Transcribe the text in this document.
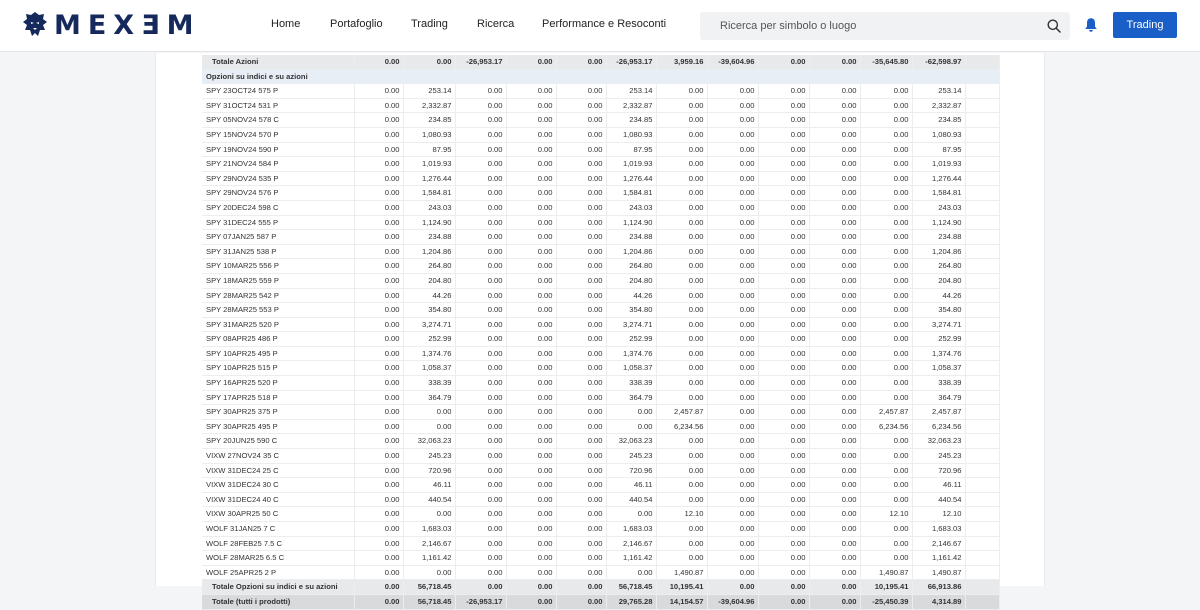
MEXƎM	Home	Portafoglio	Trading	Ricerca	Performance e Resoconti
Ricerca per simbolo o luogo	Trading
Totale Azioni	0.00	0.00	-26,953.17	0.00	0.00	-26,953.17	3,959.16	-39,604.96	0.00	0.00	-35,645.80	-62,598.97	
Opzioni su indici e su azioni													
SPY 23OCT24 575 P	0.00	253.14	0.00	0.00	0.00	253.14	0.00	0.00	0.00	0.00	0.00	253.14	
SPY 31OCT24 531 P	0.00	2,332.87	0.00	0.00	0.00	2,332.87	0.00	0.00	0.00	0.00	0.00	2,332.87	
SPY 05NOV24 578 C	0.00	234.85	0.00	0.00	0.00	234.85	0.00	0.00	0.00	0.00	0.00	234.85	
SPY 15NOV24 570 P	0.00	1,080.93	0.00	0.00	0.00	1,080.93	0.00	0.00	0.00	0.00	0.00	1,080.93	
SPY 19NOV24 590 P	0.00	87.95	0.00	0.00	0.00	87.95	0.00	0.00	0.00	0.00	0.00	87.95	
SPY 21NOV24 584 P	0.00	1,019.93	0.00	0.00	0.00	1,019.93	0.00	0.00	0.00	0.00	0.00	1,019.93	
SPY 29NOV24 535 P	0.00	1,276.44	0.00	0.00	0.00	1,276.44	0.00	0.00	0.00	0.00	0.00	1,276.44	
SPY 29NOV24 576 P	0.00	1,584.81	0.00	0.00	0.00	1,584.81	0.00	0.00	0.00	0.00	0.00	1,584.81	
SPY 20DEC24 598 C	0.00	243.03	0.00	0.00	0.00	243.03	0.00	0.00	0.00	0.00	0.00	243.03	
SPY 31DEC24 555 P	0.00	1,124.90	0.00	0.00	0.00	1,124.90	0.00	0.00	0.00	0.00	0.00	1,124.90	
SPY 07JAN25 587 P	0.00	234.88	0.00	0.00	0.00	234.88	0.00	0.00	0.00	0.00	0.00	234.88	
SPY 31JAN25 538 P	0.00	1,204.86	0.00	0.00	0.00	1,204.86	0.00	0.00	0.00	0.00	0.00	1,204.86	
SPY 10MAR25 556 P	0.00	264.80	0.00	0.00	0.00	264.80	0.00	0.00	0.00	0.00	0.00	264.80	
SPY 18MAR25 559 P	0.00	204.80	0.00	0.00	0.00	204.80	0.00	0.00	0.00	0.00	0.00	204.80	
SPY 28MAR25 542 P	0.00	44.26	0.00	0.00	0.00	44.26	0.00	0.00	0.00	0.00	0.00	44.26	
SPY 28MAR25 553 P	0.00	354.80	0.00	0.00	0.00	354.80	0.00	0.00	0.00	0.00	0.00	354.80	
SPY 31MAR25 520 P	0.00	3,274.71	0.00	0.00	0.00	3,274.71	0.00	0.00	0.00	0.00	0.00	3,274.71	
SPY 08APR25 486 P	0.00	252.99	0.00	0.00	0.00	252.99	0.00	0.00	0.00	0.00	0.00	252.99	
SPY 10APR25 495 P	0.00	1,374.76	0.00	0.00	0.00	1,374.76	0.00	0.00	0.00	0.00	0.00	1,374.76	
SPY 10APR25 515 P	0.00	1,058.37	0.00	0.00	0.00	1,058.37	0.00	0.00	0.00	0.00	0.00	1,058.37	
SPY 16APR25 520 P	0.00	338.39	0.00	0.00	0.00	338.39	0.00	0.00	0.00	0.00	0.00	338.39	
SPY 17APR25 518 P	0.00	364.79	0.00	0.00	0.00	364.79	0.00	0.00	0.00	0.00	0.00	364.79	
SPY 30APR25 375 P	0.00	0.00	0.00	0.00	0.00	0.00	2,457.87	0.00	0.00	0.00	2,457.87	2,457.87	
SPY 30APR25 495 P	0.00	0.00	0.00	0.00	0.00	0.00	6,234.56	0.00	0.00	0.00	6,234.56	6,234.56	
SPY 20JUN25 590 C	0.00	32,063.23	0.00	0.00	0.00	32,063.23	0.00	0.00	0.00	0.00	0.00	32,063.23	
VIXW 27NOV24 35 C	0.00	245.23	0.00	0.00	0.00	245.23	0.00	0.00	0.00	0.00	0.00	245.23	
VIXW 31DEC24 25 C	0.00	720.96	0.00	0.00	0.00	720.96	0.00	0.00	0.00	0.00	0.00	720.96	
VIXW 31DEC24 30 C	0.00	46.11	0.00	0.00	0.00	46.11	0.00	0.00	0.00	0.00	0.00	46.11	
VIXW 31DEC24 40 C	0.00	440.54	0.00	0.00	0.00	440.54	0.00	0.00	0.00	0.00	0.00	440.54	
VIXW 30APR25 50 C	0.00	0.00	0.00	0.00	0.00	0.00	12.10	0.00	0.00	0.00	12.10	12.10	
WOLF 31JAN25 7 C	0.00	1,683.03	0.00	0.00	0.00	1,683.03	0.00	0.00	0.00	0.00	0.00	1,683.03	
WOLF 28FEB25 7.5 C	0.00	2,146.67	0.00	0.00	0.00	2,146.67	0.00	0.00	0.00	0.00	0.00	2,146.67	
WOLF 28MAR25 6.5 C	0.00	1,161.42	0.00	0.00	0.00	1,161.42	0.00	0.00	0.00	0.00	0.00	1,161.42	
WOLF 25APR25 2 P	0.00	0.00	0.00	0.00	0.00	0.00	1,490.87	0.00	0.00	0.00	1,490.87	1,490.87	
Totale Opzioni su indici e su azioni	0.00	56,718.45	0.00	0.00	0.00	56,718.45	10,195.41	0.00	0.00	0.00	10,195.41	66,913.86	
Totale (tutti i prodotti)	0.00	56,718.45	-26,953.17	0.00	0.00	29,765.28	14,154.57	-39,604.96	0.00	0.00	-25,450.39	4,314.89	
